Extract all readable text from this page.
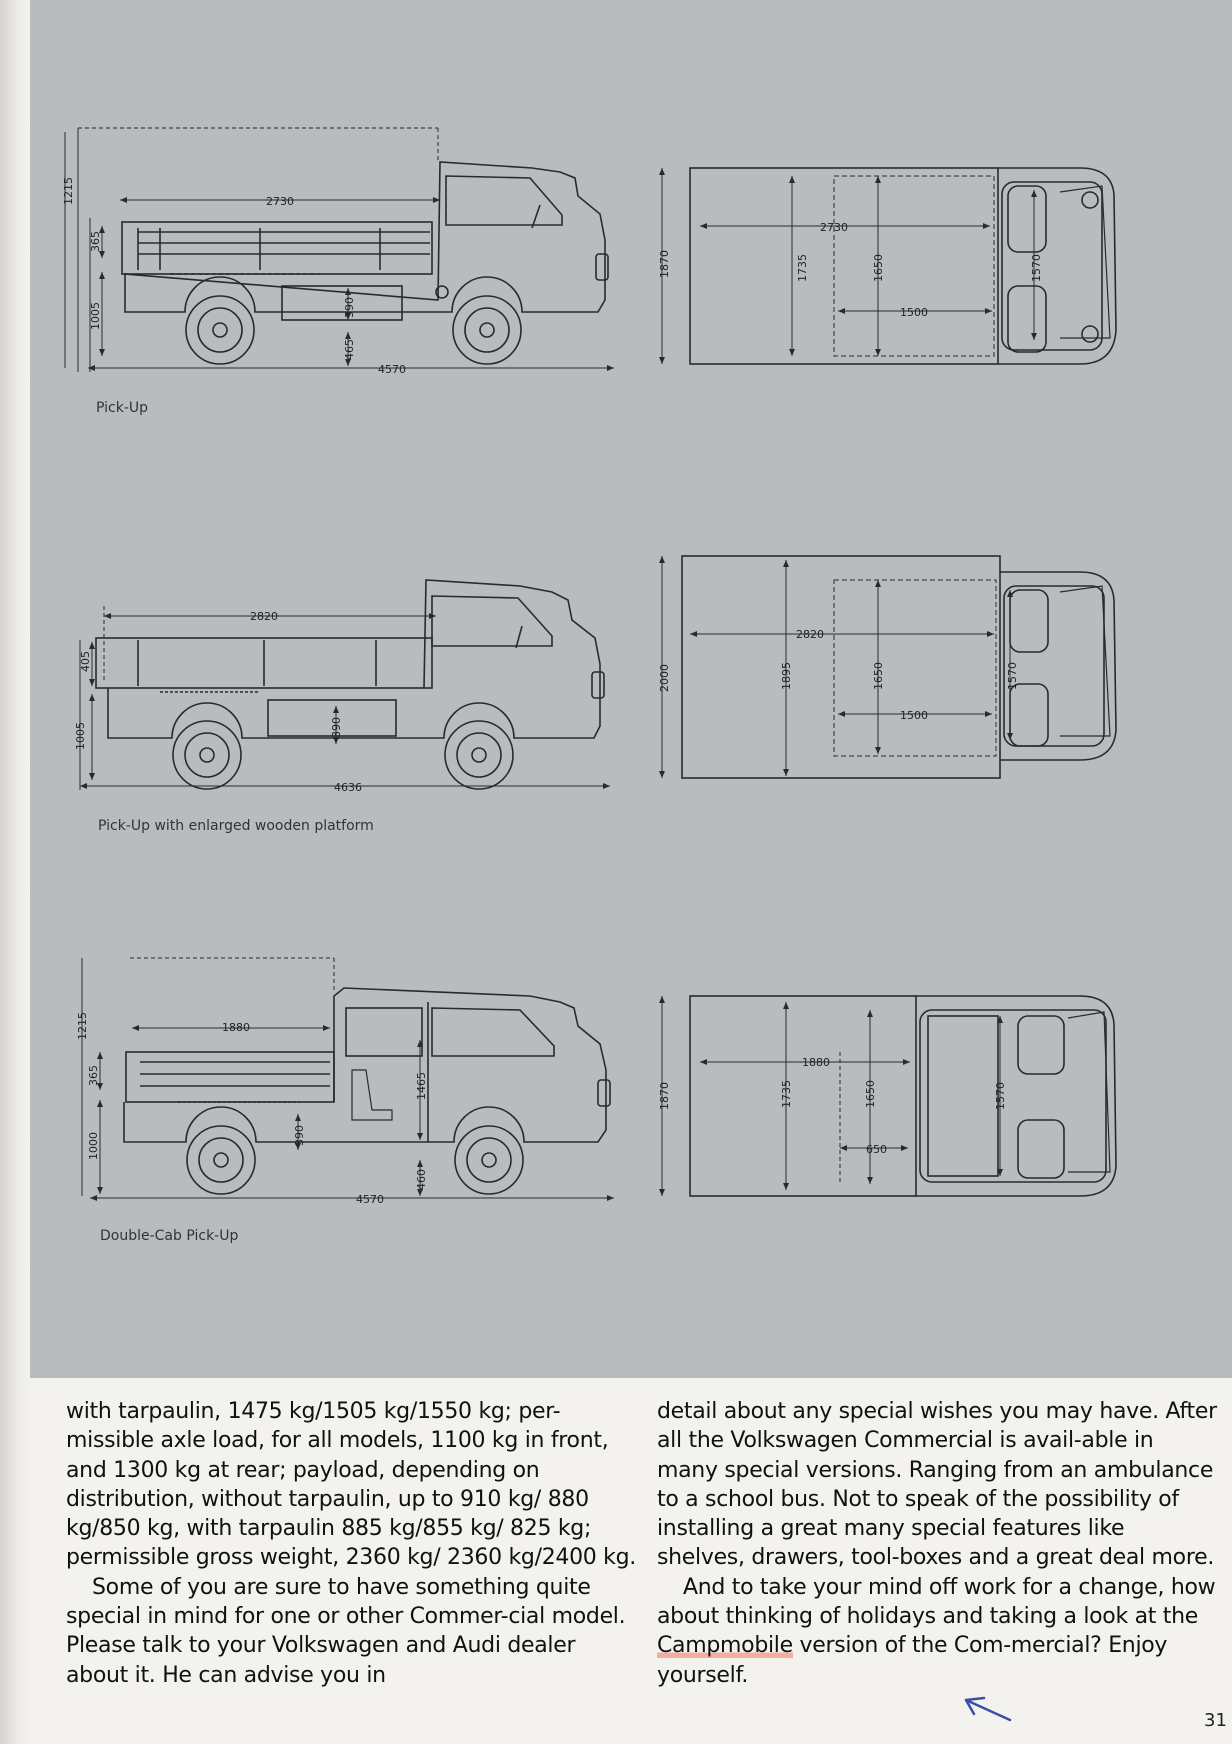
2730
4570
1215
365
1005	390
465
1870	1735
2730
1650
1500
1570
2820
4636
405
1005	390
2000	1895
2820
1650
1500
1570
1880
4570
1215
365
1000	390
1465
460
1870	1735
1880
1650
650
1570
Pick-Up
Pick-Up with enlarged wooden platform
Double-Cab Pick-Up

with tarpaulin, 1475 kg/1505 kg/1550 kg; per-missible axle load, for all models, 1100 kg in front, and 1300 kg at rear; payload, depending on distribution, without tarpaulin, up to 910 kg/ 880 kg/850 kg, with tarpaulin 885 kg/855 kg/ 825 kg; permissible gross weight, 2360 kg/ 2360 kg/2400 kg.

Some of you are sure to have something quite special in mind for one or other Commer-cial model. Please talk to your Volkswagen and Audi dealer about it. He can advise you in

detail about any special wishes you may have. After all the Volkswagen Commercial is avail-able in many special versions. Ranging from an ambulance to a school bus. Not to speak of the possibility of installing a great many special features like shelves, drawers, tool-boxes and a great deal more.

And to take your mind off work for a change, how about thinking of holidays and taking a look at the Campmobile version of the Com-mercial? Enjoy yourself.

31
